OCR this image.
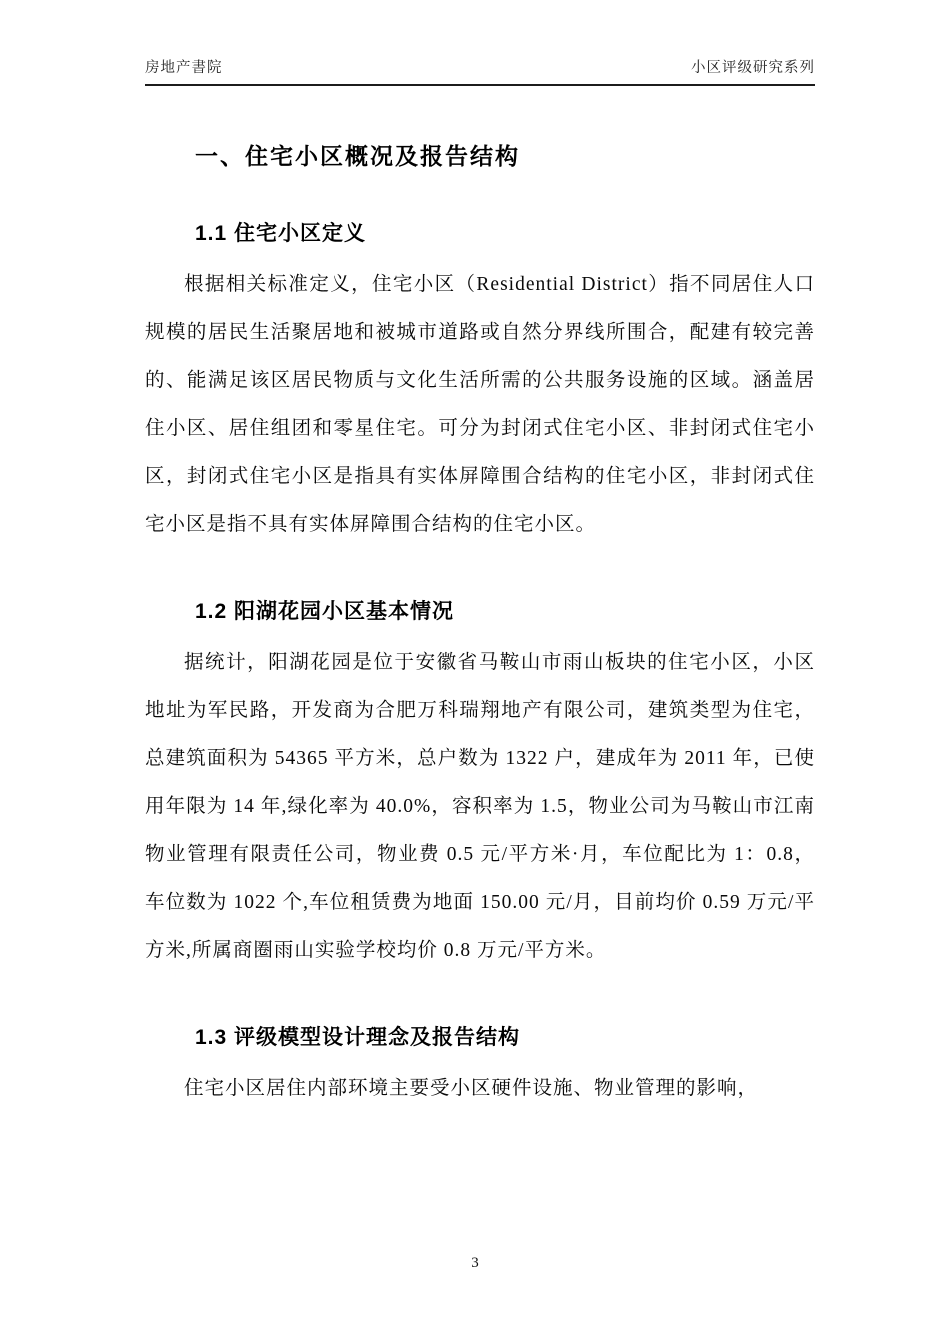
房地产書院	小区评级研究系列
一、住宅小区概况及报告结构
1.1 住宅小区定义

根据相关标准定义，住宅小区（Residential District）指不同居住人口规模的居民生活聚居地和被城市道路或自然分界线所围合，配建有较完善的、能满足该区居民物质与文化生活所需的公共服务设施的区域。涵盖居住小区、居住组团和零星住宅。可分为封闭式住宅小区、非封闭式住宅小区，封闭式住宅小区是指具有实体屏障围合结构的住宅小区，非封闭式住宅小区是指不具有实体屏障围合结构的住宅小区。

1.2 阳湖花园小区基本情况

据统计，阳湖花园是位于安徽省马鞍山市雨山板块的住宅小区，小区地址为军民路，开发商为合肥万科瑞翔地产有限公司，建筑类型为住宅，总建筑面积为 54365 平方米，总户数为 1322 户，建成年为 2011 年，已使用年限为 14 年,绿化率为 40.0%，容积率为 1.5，物业公司为马鞍山市江南物业管理有限责任公司，物业费 0.5 元/平方米·月，车位配比为 1：0.8，车位数为 1022 个,车位租赁费为地面 150.00 元/月，目前均价 0.59 万元/平方米,所属商圈雨山实验学校均价 0.8 万元/平方米。

1.3 评级模型设计理念及报告结构

住宅小区居住内部环境主要受小区硬件设施、物业管理的影响，

3
